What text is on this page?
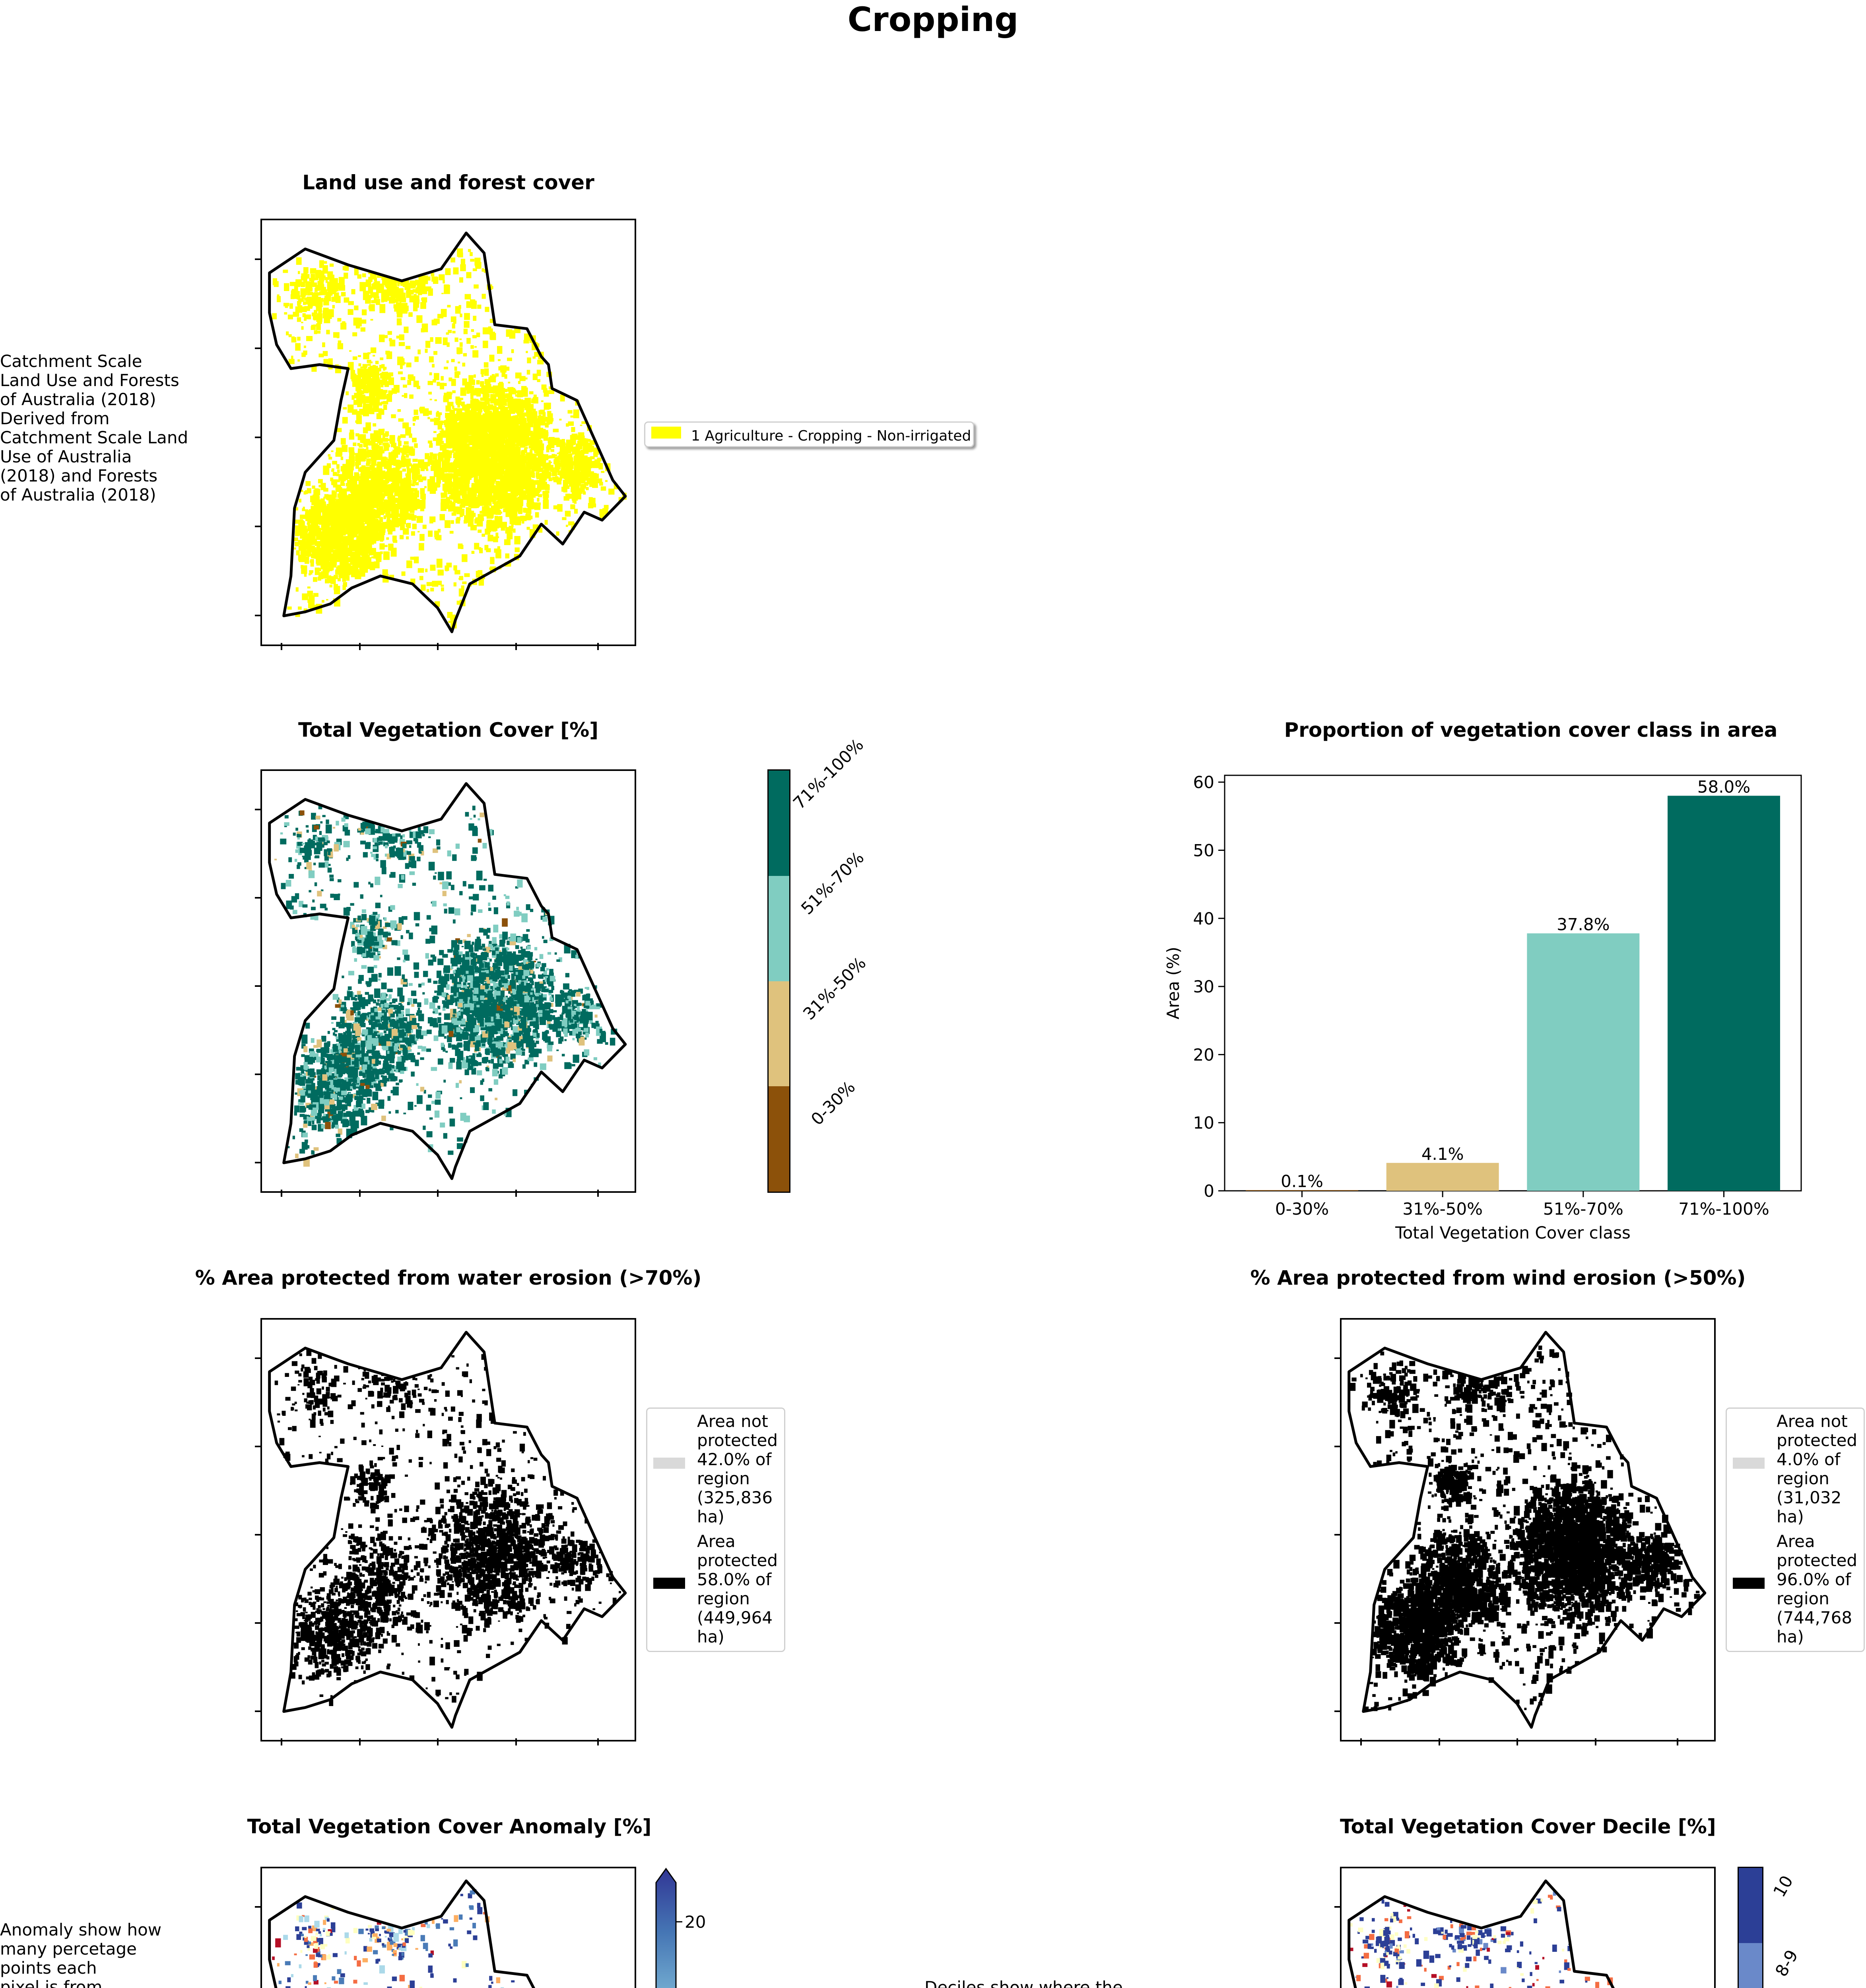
Cropping
Land use and forest cover
Catchment Scale
Land Use and Forests
of Australia (2018)
Derived from
Catchment Scale Land
Use of Australia
(2018) and Forests
of Australia (2018)
1 Agriculture - Cropping - Non-irrigated
Total Vegetation Cover [%]
71%-100%
51%-70%
31%-50%
0-30%
Proportion of vegetation cover class in area
0
10
20
30
40
50
60
0-30%
0.1%
31%-50%
4.1%
51%-70%
37.8%
71%-100%
58.0%
Total Vegetation Cover class
Area (%)
% Area protected from water erosion (>70%)
Area not
protected
42.0% of
region
(325,836
ha)
Area
protected
58.0% of
region
(449,964
ha)
% Area protected from wind erosion (>50%)
Area not
protected
4.0% of
region
(31,032
ha)
Area
protected
96.0% of
region
(744,768
ha)
Total Vegetation Cover Anomaly [%]
Anomaly show how
many percetage
points each
pixel is from

20
Deciles show where the

Total Vegetation Cover Decile [%]
10
8-9
